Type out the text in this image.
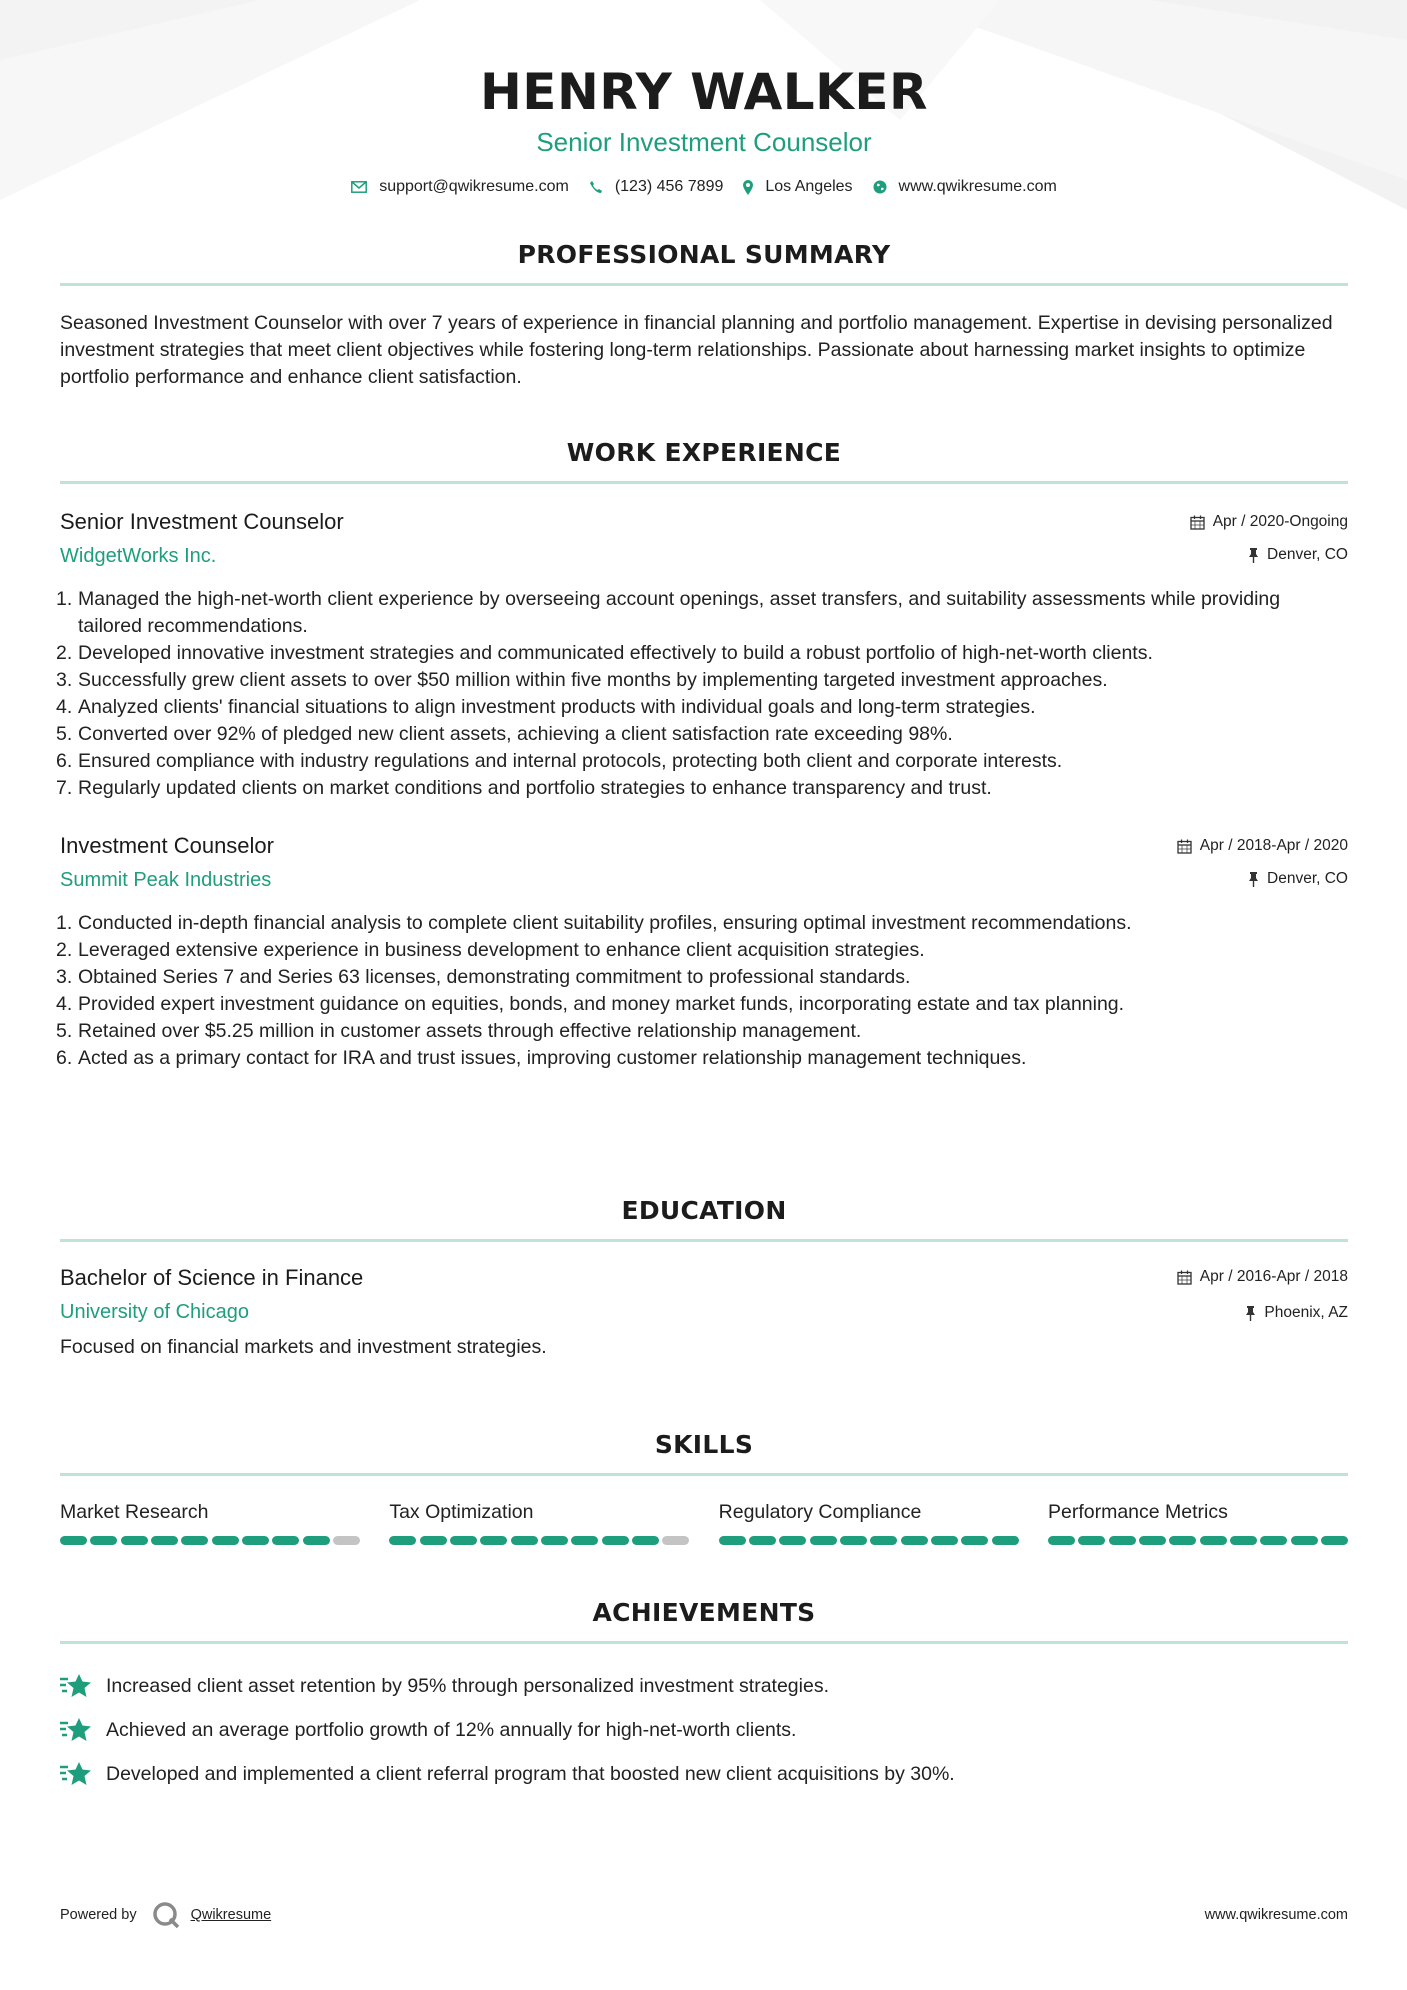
HENRY WALKER
Senior Investment Counselor
support@qwikresume.com	(123) 456 7899	Los Angeles	www.qwikresume.com
PROFESSIONAL SUMMARY

Seasoned Investment Counselor with over 7 years of experience in financial planning and portfolio management. Expertise in devising personalized investment strategies that meet client objectives while fostering long-term relationships. Passionate about harnessing market insights to optimize portfolio performance and enhance client satisfaction.

WORK EXPERIENCE
Senior Investment Counselor
WidgetWorks Inc.
Apr / 2020-Ongoing
Denver, CO
1. Managed the high-net-worth client experience by overseeing account openings, asset transfers, and suitability assessments while providing tailored recommendations.
2. Developed innovative investment strategies and communicated effectively to build a robust portfolio of high-net-worth clients.
3. Successfully grew client assets to over $50 million within five months by implementing targeted investment approaches.
4. Analyzed clients' financial situations to align investment products with individual goals and long-term strategies.
5. Converted over 92% of pledged new client assets, achieving a client satisfaction rate exceeding 98%.
6. Ensured compliance with industry regulations and internal protocols, protecting both client and corporate interests.
7. Regularly updated clients on market conditions and portfolio strategies to enhance transparency and trust.
Investment Counselor
Summit Peak Industries
Apr / 2018-Apr / 2020
Denver, CO
1. Conducted in-depth financial analysis to complete client suitability profiles, ensuring optimal investment recommendations.
2. Leveraged extensive experience in business development to enhance client acquisition strategies.
3. Obtained Series 7 and Series 63 licenses, demonstrating commitment to professional standards.
4. Provided expert investment guidance on equities, bonds, and money market funds, incorporating estate and tax planning.
5. Retained over $5.25 million in customer assets through effective relationship management.
6. Acted as a primary contact for IRA and trust issues, improving customer relationship management techniques.
EDUCATION
Bachelor of Science in Finance
University of Chicago
Apr / 2016-Apr / 2018
Phoenix, AZ
Focused on financial markets and investment strategies.
SKILLS
Market Research	Tax Optimization	Regulatory Compliance	Performance Metrics
ACHIEVEMENTS
Increased client asset retention by 95% through personalized investment strategies.
Achieved an average portfolio growth of 12% annually for high-net-worth clients.
Developed and implemented a client referral program that boosted new client acquisitions by 30%.
Powered by	Qwikresume	www.qwikresume.com
